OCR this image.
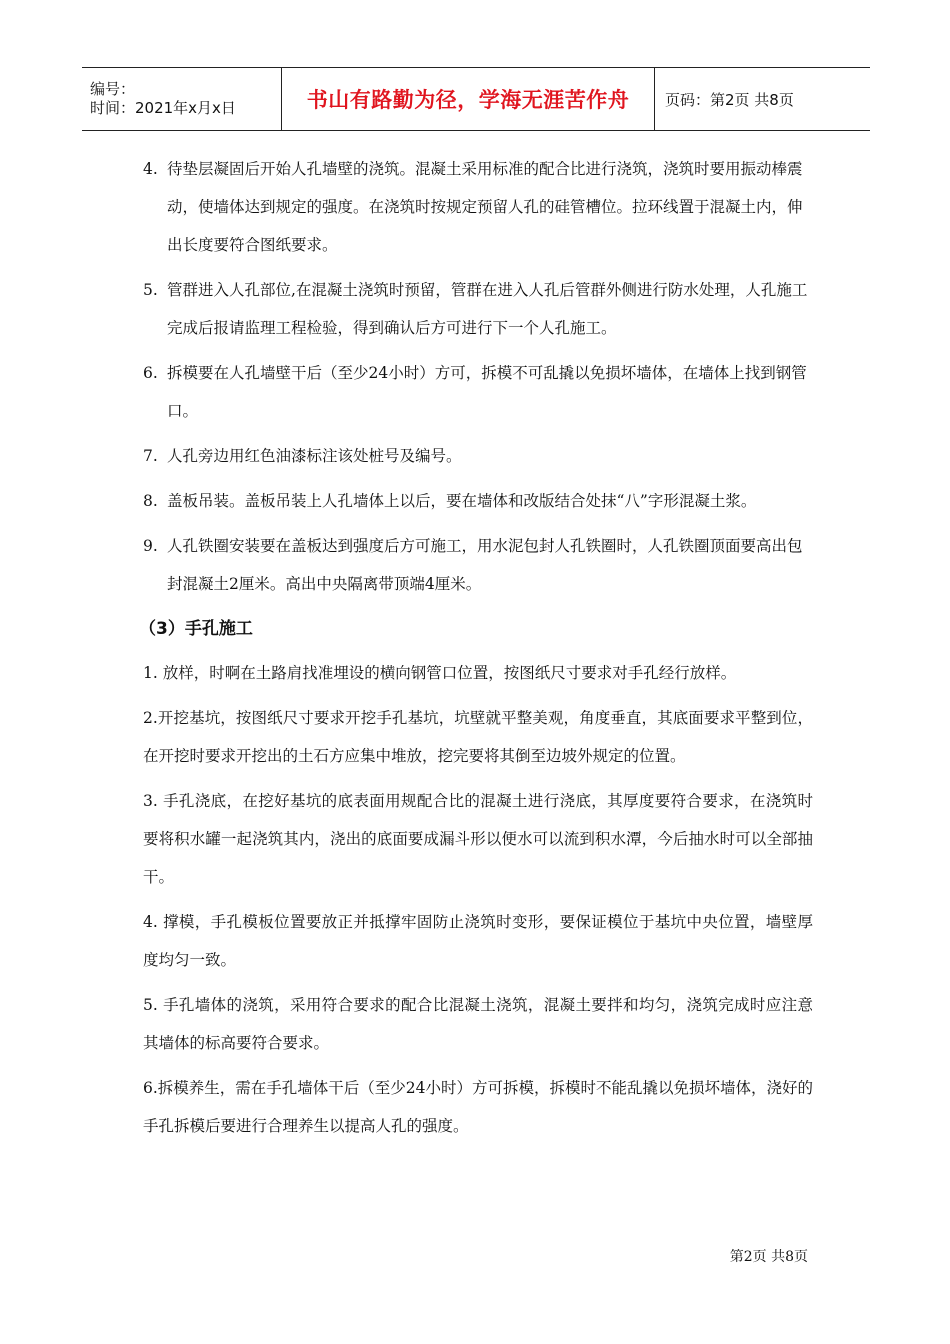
编号：
时间：2021年x月x日	书山有路勤为径，学海无涯苦作舟 页码：第2页 共8页
4. 待垫层凝固后开始人孔墙壁的浇筑。混凝土采用标准的配合比进行浇筑，浇筑时要用振动棒震动，使墙体达到规定的强度。在浇筑时按规定预留人孔的硅管槽位。拉环线置于混凝土内，伸出长度要符合图纸要求。
5. 管群进入人孔部位,在混凝土浇筑时预留，管群在进入人孔后管群外侧进行防水处理，人孔施工完成后报请监理工程检验，得到确认后方可进行下一个人孔施工。
6. 拆模要在人孔墙壁干后（至少24小时）方可，拆模不可乱撬以免损坏墙体，在墙体上找到钢管口。
7. 人孔旁边用红色油漆标注该处桩号及编号。
8. 盖板吊装。盖板吊装上人孔墙体上以后，要在墙体和改版结合处抹“八”字形混凝土浆。
9. 人孔铁圈安装要在盖板达到强度后方可施工，用水泥包封人孔铁圈时，人孔铁圈顶面要高出包封混凝土2厘米。高出中央隔离带顶端4厘米。
（3）手孔施工
1. 放样，时啊在土路肩找准埋设的横向钢管口位置，按图纸尺寸要求对手孔经行放样。
2.开挖基坑，按图纸尺寸要求开挖手孔基坑，坑壁就平整美观，角度垂直，其底面要求平整到位，在开挖时要求开挖出的土石方应集中堆放，挖完要将其倒至边坡外规定的位置。
3. 手孔浇底，在挖好基坑的底表面用规配合比的混凝土进行浇底，其厚度要符合要求，在浇筑时要将积水罐一起浇筑其内，浇出的底面要成漏斗形以便水可以流到积水潭，今后抽水时可以全部抽干。
4. 撑模，手孔模板位置要放正并抵撑牢固防止浇筑时变形，要保证模位于基坑中央位置，墙壁厚度均匀一致。
5. 手孔墙体的浇筑，采用符合要求的配合比混凝土浇筑，混凝土要拌和均匀，浇筑完成时应注意其墙体的标高要符合要求。
6.拆模养生，需在手孔墙体干后（至少24小时）方可拆模，拆模时不能乱撬以免损坏墙体，浇好的手孔拆模后要进行合理养生以提高人孔的强度。
第2页 共8页
